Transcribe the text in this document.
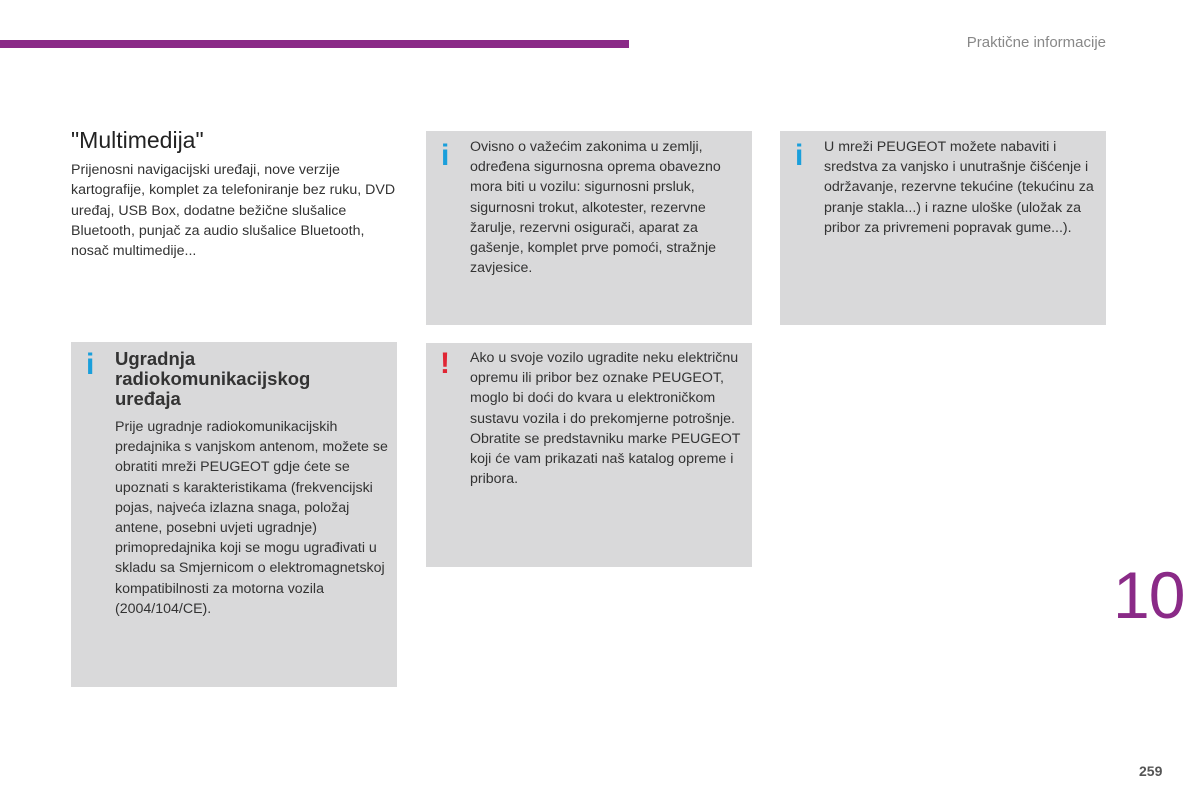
Praktične informacije
"Multimedija"

Prijenosni navigacijski uređaji, nove verzije kartografije, komplet za telefoniranje bez ruku, DVD uređaj, USB Box, dodatne bežične slušalice Bluetooth, punjač za audio slušalice Bluetooth, nosač multimedije...

i Ovisno o važećim zakonima u zemlji, određena sigurnosna oprema obavezno mora biti u vozilu: sigurnosni prsluk, sigurnosni trokut, alkotester, rezervne žarulje, rezervni osigurači, aparat za gašenje, komplet prve pomoći, stražnje zavjesice.

i U mreži PEUGEOT možete nabaviti i sredstva za vanjsko i unutrašnje čišćenje i održavanje, rezervne tekućine (tekućinu za pranje stakla...) i razne uloške (uložak za pribor za privremeni popravak gume...).

i Ugradnja radiokomunikacijskog uređaja

Prije ugradnje radiokomunikacijskih predajnika s vanjskom antenom, možete se obratiti mreži PEUGEOT gdje ćete se upoznati s karakteristikama (frekvencijski pojas, najveća izlazna snaga, položaj antene, posebni uvjeti ugradnje) primopredajnika koji se mogu ugrađivati u skladu sa Smjernicom o elektromagnetskoj kompatibilnosti za motorna vozila (2004/104/CE).

! Ako u svoje vozilo ugradite neku električnu opremu ili pribor bez oznake PEUGEOT, moglo bi doći do kvara u elektroničkom sustavu vozila i do prekomjerne potrošnje. Obratite se predstavniku marke PEUGEOT koji će vam prikazati naš katalog opreme i pribora.

10
259
